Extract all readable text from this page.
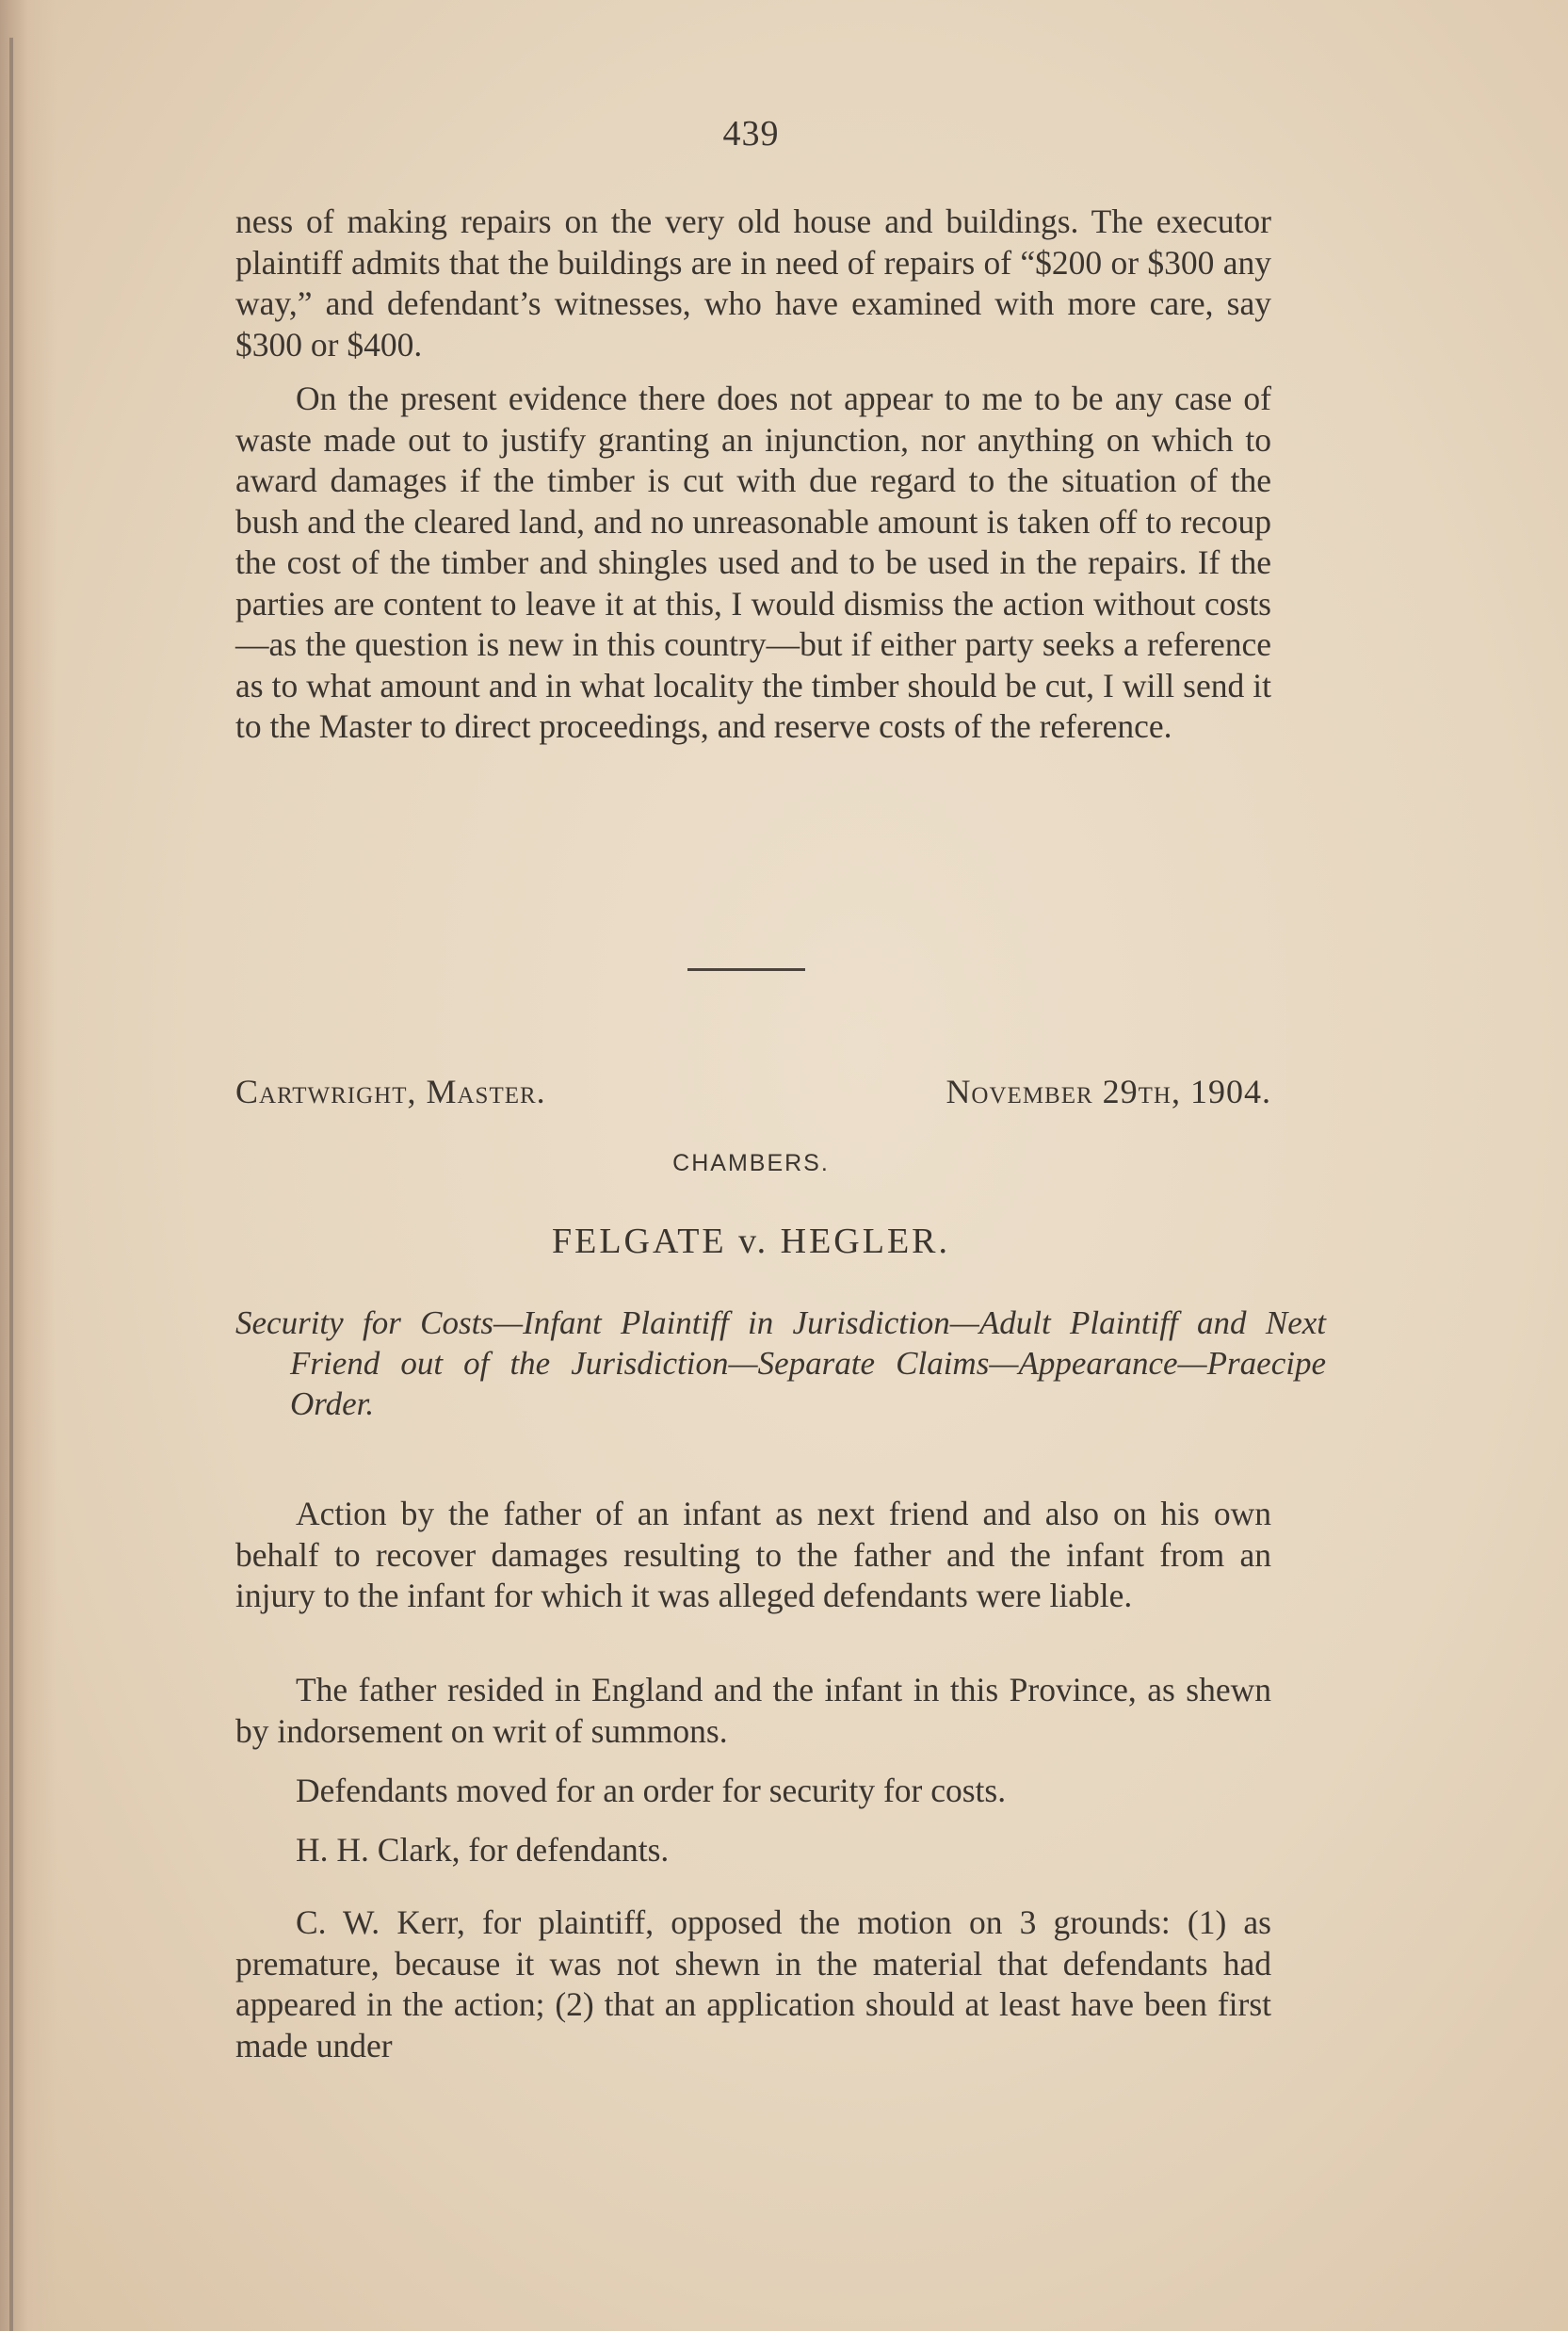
439

ness of making repairs on the very old house and buildings. The executor plaintiff admits that the buildings are in need of repairs of “$200 or $300 any way,” and defendant’s witnesses, who have examined with more care, say $300 or $400.

On the present evidence there does not appear to me to be any case of waste made out to justify granting an injunction, nor anything on which to award damages if the timber is cut with due regard to the situation of the bush and the cleared land, and no unreasonable amount is taken off to recoup the cost of the timber and shingles used and to be used in the repairs. If the parties are content to leave it at this, I would dismiss the action without costs—as the question is new in this country—but if either party seeks a reference as to what amount and in what locality the timber should be cut, I will send it to the Master to direct proceedings, and reserve costs of the reference.

Cartwright, Master.	November 29th, 1904.
CHAMBERS.
FELGATE v. HEGLER.
Security for Costs—Infant Plaintiff in Jurisdiction—Adult Plaintiff and Next Friend out of the Jurisdiction—Separate Claims—Appearance—Praecipe Order.

Action by the father of an infant as next friend and also on his own behalf to recover damages resulting to the father and the infant from an injury to the infant for which it was alleged defendants were liable.

The father resided in England and the infant in this Province, as shewn by indorsement on writ of summons.

Defendants moved for an order for security for costs.

H. H. Clark, for defendants.

C. W. Kerr, for plaintiff, opposed the motion on 3 grounds: (1) as premature, because it was not shewn in the material that defendants had appeared in the action; (2) that an application should at least have been first made under
